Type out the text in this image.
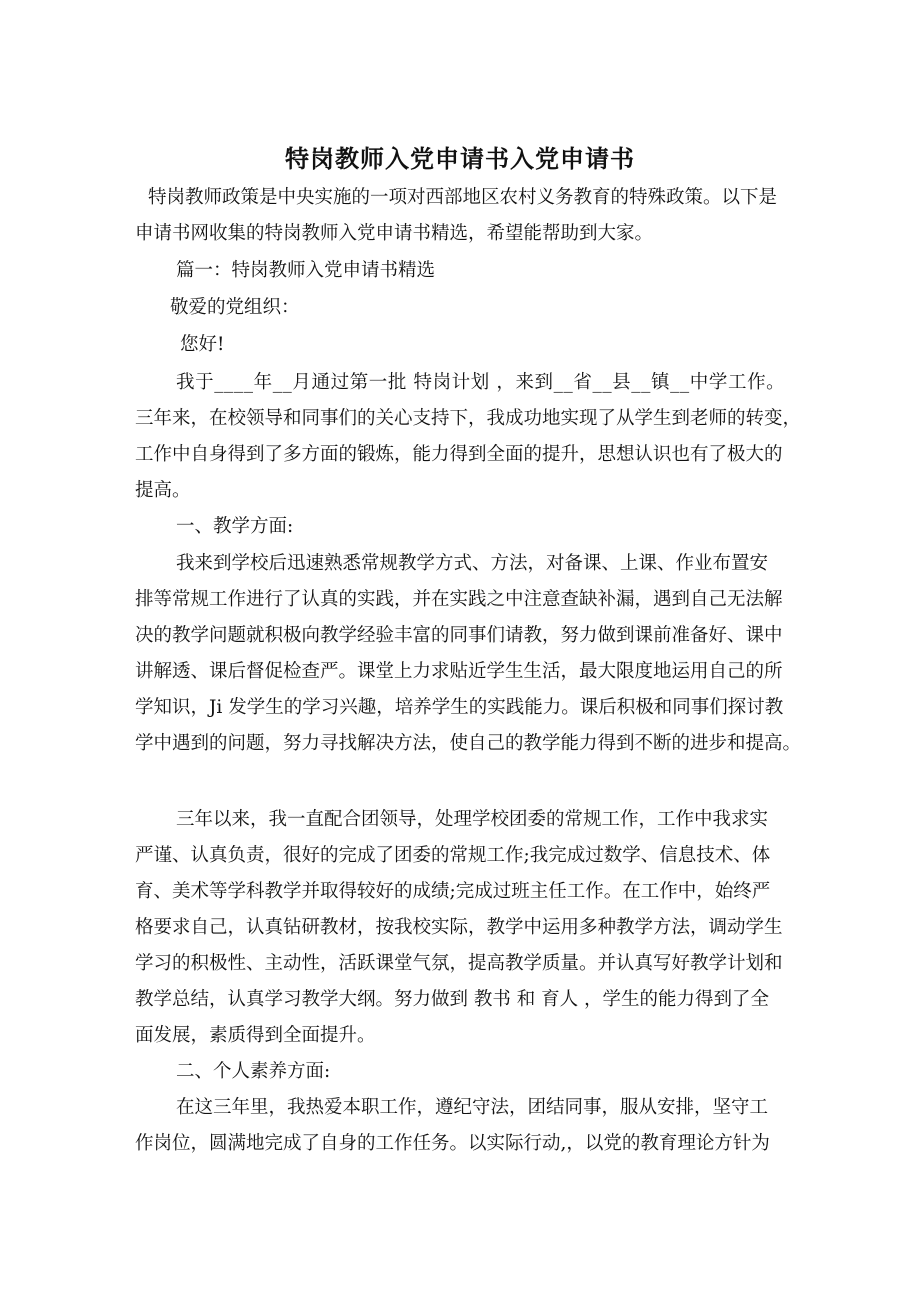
特岗教师入党申请书入党申请书
特岗教师政策是中央实施的一项对西部地区农村义务教育的特殊政策。以下是
申请书网收集的特岗教师入党申请书精选，希望能帮助到大家。
篇一：特岗教师入党申请书精选
敬爱的党组织：
您好!
我于____年__月通过第一批 特岗计划 ，来到__省__县__镇__中学工作。
三年来，在校领导和同事们的关心支持下，我成功地实现了从学生到老师的转变，
工作中自身得到了多方面的锻炼，能力得到全面的提升，思想认识也有了极大的
提高。
一、教学方面:
我来到学校后迅速熟悉常规教学方式、方法，对备课、上课、作业布置安
排等常规工作进行了认真的实践，并在实践之中注意查缺补漏，遇到自己无法解
决的教学问题就积极向教学经验丰富的同事们请教，努力做到课前准备好、课中
讲解透、课后督促检查严。课堂上力求贴近学生生活，最大限度地运用自己的所
学知识，Ji 发学生的学习兴趣，培养学生的实践能力。课后积极和同事们探讨教
学中遇到的问题，努力寻找解决方法，使自己的教学能力得到不断的进步和提高。
三年以来，我一直配合团领导，处理学校团委的常规工作，工作中我求实
严谨、认真负责，很好的完成了团委的常规工作;我完成过数学、信息技术、体
育、美术等学科教学并取得较好的成绩;完成过班主任工作。在工作中，始终严
格要求自己，认真钻研教材，按我校实际，教学中运用多种教学方法，调动学生
学习的积极性、主动性，活跃课堂气氛，提高教学质量。并认真写好教学计划和
教学总结，认真学习教学大纲。努力做到 教书 和 育人 ，学生的能力得到了全
面发展，素质得到全面提升。
二、个人素养方面:
在这三年里，我热爱本职工作，遵纪守法，团结同事，服从安排，坚守工
作岗位，圆满地完成了自身的工作任务。以实际行动,，以党的教育理论方针为
